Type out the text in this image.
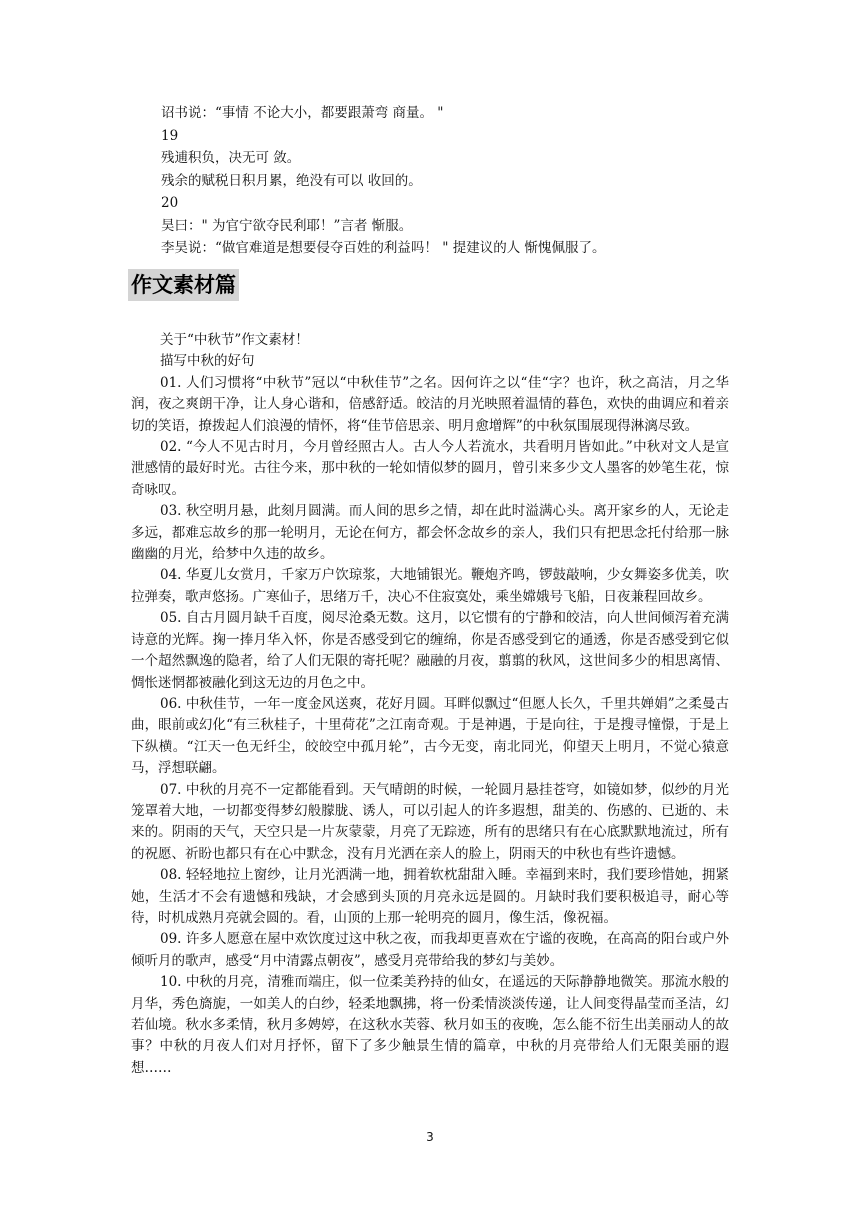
诏书说：“事情 不论大小，都要跟萧弯 商量。 "

19

残逋积负，决无可 敛。

残余的赋税日积月累，绝没有可以 收回的。

20

昊曰：" 为官宁欲夺民利耶！”言者 惭服。

李昊说：“做官难道是想要侵夺百姓的利益吗！ " 提建议的人 惭愧佩服了。

作文素材篇

关于“中秋节”作文素材！

描写中秋的好句

01. 人们习惯将“中秋节”冠以“中秋佳节”之名。因何许之以“佳“字？也许，秋之高洁，月之华润，夜之爽朗干净，让人身心谐和，倍感舒适。皎洁的月光映照着温情的暮色，欢快的曲调应和着亲切的笑语，撩拨起人们浪漫的情怀，将“佳节倍思亲、明月愈增辉”的中秋氛围展现得淋漓尽致。

02. “今人不见古时月，今月曾经照古人。古人今人若流水，共看明月皆如此。”中秋对文人是宣泄感情的最好时光。古往今来，那中秋的一轮如情似梦的圆月，曾引来多少文人墨客的妙笔生花，惊奇咏叹。

03. 秋空明月悬，此刻月圆满。而人间的思乡之情，却在此时溢满心头。离开家乡的人，无论走多远，都难忘故乡的那一轮明月，无论在何方，都会怀念故乡的亲人，我们只有把思念托付给那一脉幽幽的月光，给梦中久违的故乡。

04. 华夏儿女赏月，千家万户饮琼浆，大地铺银光。鞭炮齐鸣，锣鼓敲响，少女舞姿多优美，吹拉弹奏，歌声悠扬。广寒仙子，思绪万千，决心不住寂寞处，乘坐嫦娥号飞船，日夜兼程回故乡。

05. 自古月圆月缺千百度，阅尽沧桑无数。这月，以它惯有的宁静和皎洁，向人世间倾泻着充满诗意的光辉。掬一捧月华入怀，你是否感受到它的缠绵，你是否感受到它的通透，你是否感受到它似一个超然飘逸的隐者，给了人们无限的寄托呢？融融的月夜，翦翦的秋风，这世间多少的相思离情、惆怅迷惘都被融化到这无边的月色之中。

06. 中秋佳节，一年一度金风送爽，花好月圆。耳畔似飘过“但愿人长久，千里共婵娟”之柔曼古曲，眼前或幻化“有三秋桂子，十里荷花”之江南奇观。于是神遇，于是向往，于是搜寻憧憬，于是上下纵横。“江天一色无纤尘，皎皎空中孤月轮”，古今无变，南北同光，仰望天上明月，不觉心猿意马，浮想联翩。

07. 中秋的月亮不一定都能看到。天气晴朗的时候，一轮圆月悬挂苍穹，如镜如梦，似纱的月光笼罩着大地，一切都变得梦幻般朦胧、诱人，可以引起人的许多遐想，甜美的、伤感的、已逝的、未来的。阴雨的天气，天空只是一片灰蒙蒙，月亮了无踪迹，所有的思绪只有在心底默默地流过，所有的祝愿、祈盼也都只有在心中默念，没有月光洒在亲人的脸上，阴雨天的中秋也有些许遗憾。

08. 轻轻地拉上窗纱，让月光洒满一地，拥着软枕甜甜入睡。幸福到来时，我们要珍惜她，拥紧她，生活才不会有遗憾和残缺，才会感到头顶的月亮永远是圆的。月缺时我们要积极追寻，耐心等待，时机成熟月亮就会圆的。看，山顶的上那一轮明亮的圆月，像生活，像祝福。

09. 许多人愿意在屋中欢饮度过这中秋之夜，而我却更喜欢在宁谧的夜晚，在高高的阳台或户外倾听月的歌声，感受“月中清露点朝夜”，感受月亮带给我的梦幻与美妙。

10. 中秋的月亮，清雅而端庄，似一位柔美矜持的仙女，在遥远的天际静静地微笑。那流水般的月华，秀色旖旎，一如美人的白纱，轻柔地飘拂，将一份柔情淡淡传递，让人间变得晶莹而圣洁，幻若仙境。秋水多柔情，秋月多娉婷，在这秋水芙蓉、秋月如玉的夜晚，怎么能不衍生出美丽动人的故事？中秋的月夜人们对月抒怀，留下了多少触景生情的篇章，中秋的月亮带给人们无限美丽的遐想……

3
